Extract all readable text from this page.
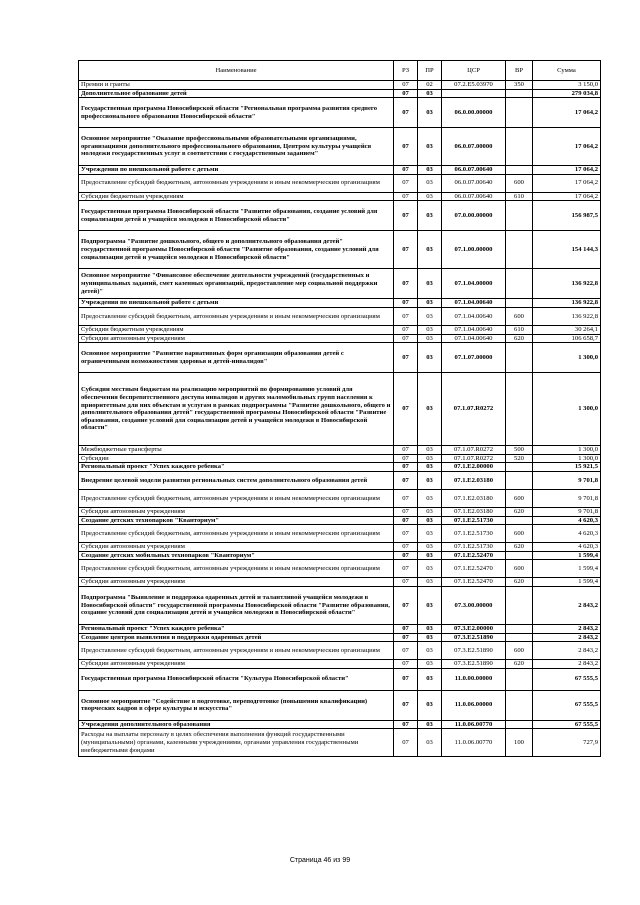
Наименование	РЗ	ПР	ЦСР	ВР	Сумма
Премии и гранты	07	02	07.2.Е5.03970	350	3 150,0
Дополнительное образование детей	07	03			279 034,8
Государственная программа Новосибирской области "Региональная программа развития среднего профессионального образования Новосибирской области"	07	03	06.0.00.00000		17 064,2
Основное мероприятие "Оказание профессиональными образовательными организациями, организациями дополнительного профессионального образования, Центром культуры учащейся молодежи государственных услуг в соответствии с государственным заданием"	07	03	06.0.07.00000		17 064,2
Учреждения по внешкольной работе с детьми	07	03	06.0.07.00640		17 064,2
Предоставление субсидий бюджетным, автономным учреждениям и иным некоммерческим организациям	07	03	06.0.07.00640	600	17 064,2
Субсидии бюджетным учреждениям	07	03	06.0.07.00640	610	17 064,2
Государственная программа Новосибирской области "Развитие образования, создание условий для социализации детей и учащейся молодежи в Новосибирской области"	07	03	07.0.00.00000		156 987,5
Подпрограмма "Развитие дошкольного, общего и дополнительного образования детей" государственной программы Новосибирской области "Развитие образования, создание условий для социализации детей и учащейся молодежи в Новосибирской области"	07	03	07.1.00.00000		154 144,3
Основное мероприятие "Финансовое обеспечение деятельности учреждений (государственных и муниципальных заданий, смет казенных организаций, предоставление мер социальной поддержки детей)"	07	03	07.1.04.00000		136 922,8
Учреждения по внешкольной работе с детьми	07	03	07.1.04.00640		136 922,8
Предоставление субсидий бюджетным, автономным учреждениям и иным некоммерческим организациям	07	03	07.1.04.00640	600	136 922,8
Субсидии бюджетным учреждениям	07	03	07.1.04.00640	610	30 264,1
Субсидии автономным учреждениям	07	03	07.1.04.00640	620	106 658,7
Основное мероприятие "Развитие вариативных форм организации образования детей с ограниченными возможностями здоровья и детей-инвалидов"	07	03	07.1.07.00000		1 300,0
Субсидии местным бюджетам на реализацию мероприятий по формированию условий для обеспечения беспрепятственного доступа инвалидов и других маломобильных групп населения к приоритетным для них объектам и услугам в рамках подпрограммы "Развитие дошкольного, общего и дополнительного образования детей" государственной программы Новосибирской области "Развитие образования, создание условий для социализации детей и учащейся молодежи в Новосибирской области"	07	03	07.1.07.R0272		1 300,0
Межбюджетные трансферты	07	03	07.1.07.R0272	500	1 300,0
Субсидии	07	03	07.1.07.R0272	520	1 300,0
Региональный проект "Успех каждого ребенка"	07	03	07.1.Е2.00000		15 921,5
Внедрение целевой модели развития региональных систем дополнительного образования детей	07	03	07.1.Е2.03180		9 701,8
Предоставление субсидий бюджетным, автономным учреждениям и иным некоммерческим организациям	07	03	07.1.Е2.03180	600	9 701,8
Субсидии автономным учреждениям	07	03	07.1.Е2.03180	620	9 701,8
Создание детских технопарков "Кванториум"	07	03	07.1.Е2.51730		4 620,3
Предоставление субсидий бюджетным, автономным учреждениям и иным некоммерческим организациям	07	03	07.1.Е2.51730	600	4 620,3
Субсидии автономным учреждениям	07	03	07.1.Е2.51730	620	4 620,3
Создание детских мобильных технопарков "Кванториум"	07	03	07.1.Е2.52470		1 599,4
Предоставление субсидий бюджетным, автономным учреждениям и иным некоммерческим организациям	07	03	07.1.Е2.52470	600	1 599,4
Субсидии автономным учреждениям	07	03	07.1.Е2.52470	620	1 599,4
Подпрограмма "Выявление и поддержка одаренных детей и талантливой учащейся молодежи в Новосибирской области" государственной программы Новосибирской области "Развитие образования, создание условий для социализации детей и учащейся молодежи в Новосибирской области"	07	03	07.3.00.00000		2 843,2
Региональный проект "Успех каждого ребенка"	07	03	07.3.Е2.00000		2 843,2
Создание центров выявления и поддержки одаренных детей	07	03	07.3.Е2.51890		2 843,2
Предоставление субсидий бюджетным, автономным учреждениям и иным некоммерческим организациям	07	03	07.3.Е2.51890	600	2 843,2
Субсидии автономным учреждениям	07	03	07.3.Е2.51890	620	2 843,2
Государственная программа Новосибирской области "Культура Новосибирской области"	07	03	11.0.00.00000		67 555,5
Основное мероприятие "Содействие в подготовке, переподготовке (повышении квалификации) творческих кадров в сфере культуры и искусства"	07	03	11.0.06.00000		67 555,5
Учреждения дополнительного образования	07	03	11.0.06.00770		67 555,5
Расходы на выплаты персоналу в целях обеспечения выполнения функций государственными (муниципальными) органами, казенными учреждениями, органами управления государственными внебюджетными фондами	07	03	11.0.06.00770	100	727,9
Страница 46 из 99
